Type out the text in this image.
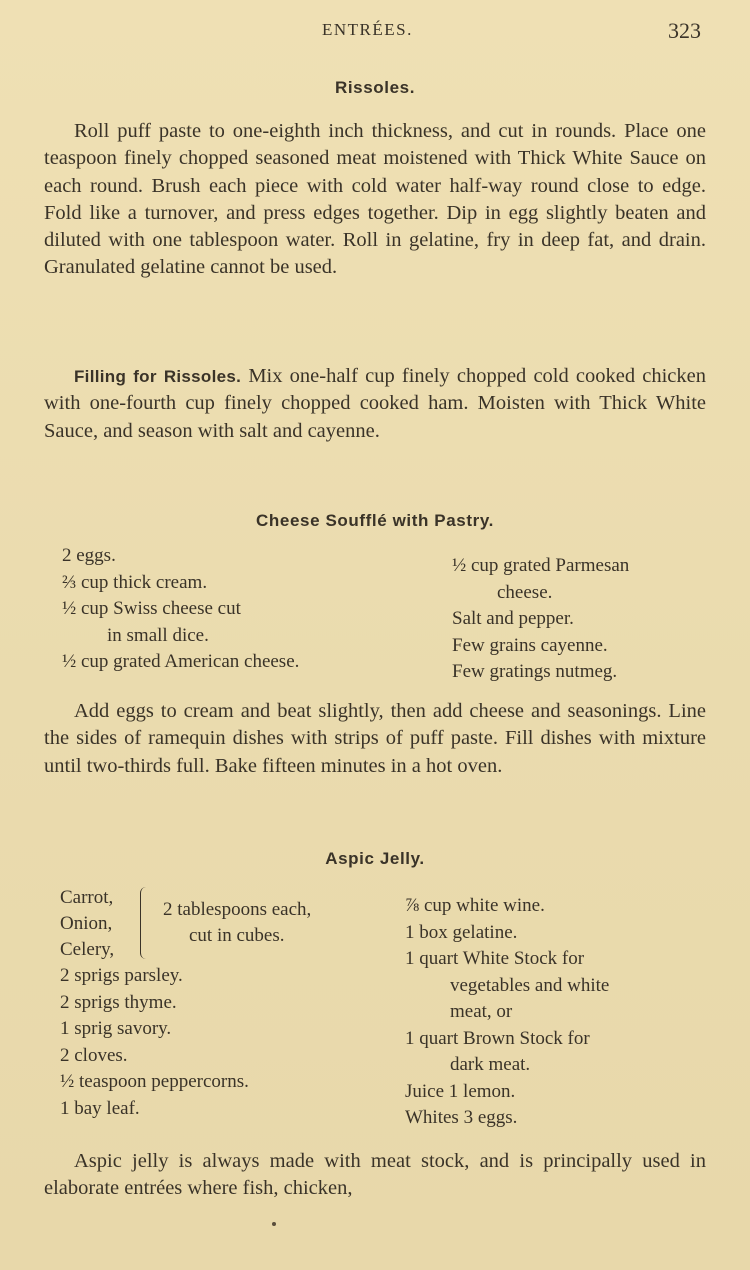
ENTRÉES.	323
Rissoles.

Roll puff paste to one-eighth inch thickness, and cut in rounds. Place one teaspoon finely chopped seasoned meat moistened with Thick White Sauce on each round. Brush each piece with cold water half-way round close to edge. Fold like a turnover, and press edges together. Dip in egg slightly beaten and diluted with one tablespoon water. Roll in gelatine, fry in deep fat, and drain. Granulated gelatine cannot be used.

Filling for Rissoles. Mix one-half cup finely chopped cold cooked chicken with one-fourth cup finely chopped cooked ham. Moisten with Thick White Sauce, and season with salt and cayenne.

Cheese Soufflé with Pastry.
2 eggs.
⅔ cup thick cream.
½ cup Swiss cheese cut
in small dice.
½ cup grated American cheese.
½ cup grated Parmesan
cheese.
Salt and pepper.
Few grains cayenne.
Few gratings nutmeg.

Add eggs to cream and beat slightly, then add cheese and seasonings. Line the sides of ramequin dishes with strips of puff paste. Fill dishes with mixture until two-thirds full. Bake fifteen minutes in a hot oven.

Aspic Jelly.
Carrot,
Onion,
Celery,
2 tablespoons each,
cut in cubes.
2 sprigs parsley.
2 sprigs thyme.
1 sprig savory.
2 cloves.
½ teaspoon peppercorns.
1 bay leaf.
⅞ cup white wine.
1 box gelatine.
1 quart White Stock for
vegetables and white
meat, or
1 quart Brown Stock for
dark meat.
Juice 1 lemon.
Whites 3 eggs.

Aspic jelly is always made with meat stock, and is principally used in elaborate entrées where fish, chicken,
